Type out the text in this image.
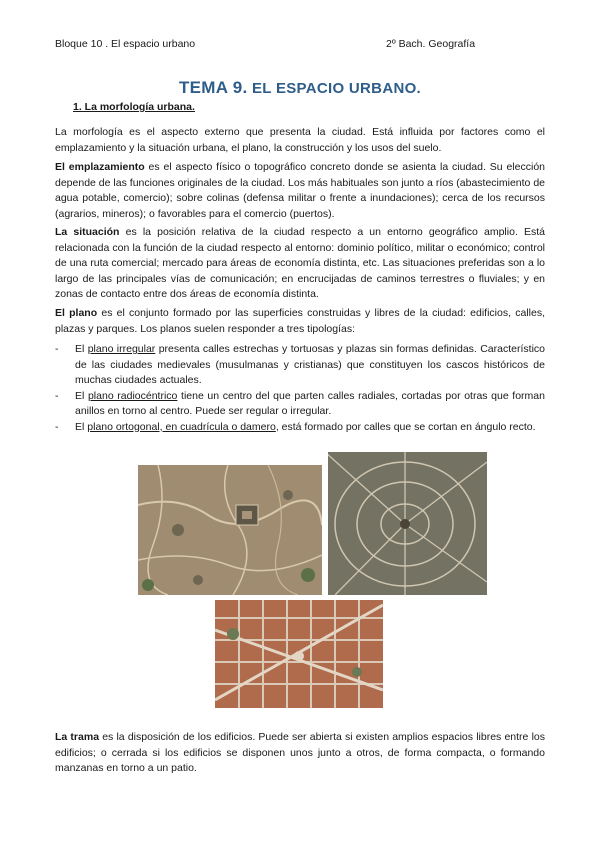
Bloque 10 . El espacio urbano	2º Bach. Geografía
TEMA 9. EL ESPACIO URBANO.
1. La morfología urbana.

La morfología es el aspecto externo que presenta la ciudad. Está influida por factores como el emplazamiento y la situación urbana, el plano, la construcción y los usos del suelo.

El emplazamiento es el aspecto físico o topográfico concreto donde se asienta la ciudad. Su elección depende de las funciones originales de la ciudad. Los más habituales son junto a ríos (abastecimiento de agua potable, comercio); sobre colinas (defensa militar o frente a inundaciones); cerca de los recursos (agrarios, mineros); o favorables para el comercio (puertos).

La situación es la posición relativa de la ciudad respecto a un entorno geográfico amplio. Está relacionada con la función de la ciudad respecto al entorno: dominio político, militar o económico; control de una ruta comercial; mercado para áreas de economía distinta, etc. Las situaciones preferidas son a lo largo de las principales vías de comunicación; en encrucijadas de caminos terrestres o fluviales; y en zonas de contacto entre dos áreas de economía distinta.

El plano es el conjunto formado por las superficies construidas y libres de la ciudad: edificios, calles, plazas y parques. Los planos suelen responder a tres tipologías:

- El plano irregular presenta calles estrechas y tortuosas y plazas sin formas definidas. Característico de las ciudades medievales (musulmanas y cristianas) que constituyen los cascos históricos de muchas ciudades actuales.
- El plano radiocéntrico tiene un centro del que parten calles radiales, cortadas por otras que forman anillos en torno al centro. Puede ser regular o irregular.
- El plano ortogonal, en cuadrícula o damero, está formado por calles que se cortan en ángulo recto.

La trama es la disposición de los edificios. Puede ser abierta si existen amplios espacios libres entre los edificios; o cerrada si los edificios se disponen unos junto a otros, de forma compacta, o formando manzanas en torno a un patio.
